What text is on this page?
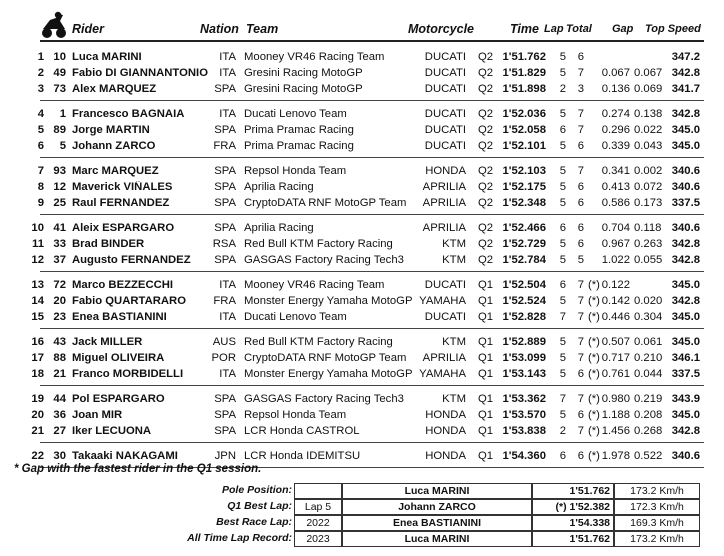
Rider	Nation Team	Motorcycle	Time Lap Total Gap Top Speed
1 10 Luca MARINI	ITA Mooney VR46 Racing Team	DUCATI Q2 1'51.762	5	6	347.2
2 49 Fabio DI GIANNANTONIO ITA Gresini Racing MotoGP	DUCATI Q2 1'51.829	5	7 0.067 0.067 342.8
3 73 Alex MARQUEZ	SPA Gresini Racing MotoGP	DUCATI Q2 1'51.898	2	3 0.136 0.069 341.7
4	1 Francesco BAGNAIA	ITA Ducati Lenovo Team	DUCATI Q2 1'52.036	5	7 0.274 0.138 342.8
5 89 Jorge MARTIN	SPA Prima Pramac Racing	DUCATI Q2 1'52.058	6	7 0.296 0.022 345.0
6	5 Johann ZARCO	FRA Prima Pramac Racing	DUCATI Q2 1'52.101	5	6 0.339 0.043 345.0
7 93 Marc MARQUEZ	SPA Repsol Honda Team	HONDA Q2 1'52.103	5	7 0.341 0.002 340.6
8 12 Maverick VIÑALES	SPA Aprilia Racing	APRILIA Q2 1'52.175	5	6 0.413 0.072 340.6
9 25 Raul FERNANDEZ	SPA CryptoDATA RNF MotoGP Team	APRILIA Q2 1'52.348	5	6 0.586 0.173 337.5
10 41 Aleix ESPARGARO	SPA Aprilia Racing	APRILIA Q2 1'52.466	6	6 0.704 0.118 340.6
11 33 Brad BINDER	RSA Red Bull KTM Factory Racing	KTM Q2 1'52.729	5	6 0.967 0.263 342.8
12 37 Augusto FERNANDEZ	SPA GASGAS Factory Racing Tech3	KTM Q2 1'52.784	5	5 1.022 0.055 342.8
13 72 Marco BEZZECCHI	ITA Mooney VR46 Racing Team	DUCATI Q1 1'52.504	6	7 (*) 0.122	345.0
14 20 Fabio QUARTARARO	FRA Monster Energy Yamaha MotoGP YAMAHA Q1 1'52.524	5	7 (*) 0.142 0.020 342.8
15 23 Enea BASTIANINI	ITA Ducati Lenovo Team	DUCATI Q1 1'52.828	7	7 (*) 0.446 0.304 345.0
16 43 Jack MILLER	AUS Red Bull KTM Factory Racing	KTM Q1 1'52.889	5	7 (*) 0.507 0.061 345.0
17 88 Miguel OLIVEIRA	POR CryptoDATA RNF MotoGP Team	APRILIA Q1 1'53.099	5	7 (*) 0.717 0.210 346.1
18 21 Franco MORBIDELLI	ITA Monster Energy Yamaha MotoGP YAMAHA Q1 1'53.143	5	6 (*) 0.761 0.044 337.5
19 44 Pol ESPARGARO	SPA GASGAS Factory Racing Tech3	KTM Q1 1'53.362	7	7 (*) 0.980 0.219 343.9
20 36 Joan MIR	SPA Repsol Honda Team	HONDA Q1 1'53.570	5	6 (*) 1.188 0.208 345.0
21 27 Iker LECUONA	SPA LCR Honda CASTROL	HONDA Q1 1'53.838	2	7 (*) 1.456 0.268 342.8
22 30 Takaaki NAKAGAMI	JPN LCR Honda IDEMITSU	HONDA Q1 1'54.360	6	6 (*) 1.978 0.522 340.6
* Gap with the fastest rider in the Q1 session.
Pole Position:	Luca MARINI	1'51.762	173.2 Km/h
Q1 Best Lap:	Lap 5	Johann ZARCO	(*) 1'52.382	172.3 Km/h
Best Race Lap:	2022	Enea BASTIANINI	1'54.338	169.3 Km/h
All Time Lap Record:	2023	Luca MARINI	1'51.762	173.2 Km/h
